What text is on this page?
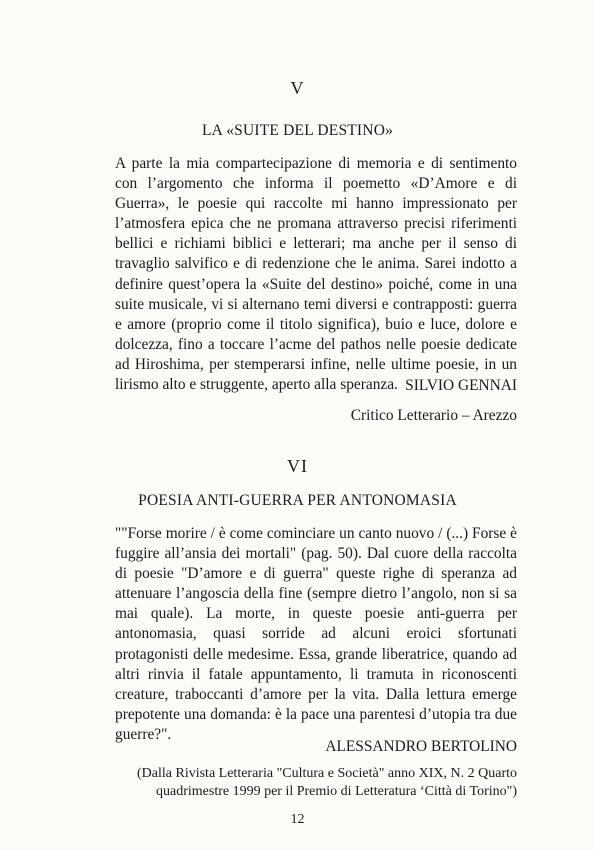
V
LA «SUITE DEL DESTINO»

A parte la mia compartecipazione di memoria e di sentimento con l’argomento che informa il poemetto «D’Amore e di Guerra», le poesie qui raccolte mi hanno impressionato per l’atmosfera epica che ne promana attraverso precisi riferimenti bellici e richiami biblici e letterari; ma anche per il senso di travaglio salvifico e di redenzione che le anima. Sarei indotto a definire quest’opera la «Suite del destino» poiché, come in una suite musicale, vi si alternano temi diversi e contrapposti: guerra e amore (proprio come il titolo significa), buio e luce, dolore e dolcezza, fino a toccare l’acme del pathos nelle poesie dedicate ad Hiroshima, per stemperarsi infine, nelle ultime poesie, in un lirismo alto e struggente, aperto alla speranza. SILVIO GENNAI
Critico Letterario – Arezzo
VI
POESIA ANTI-GUERRA PER ANTONOMASIA

""Forse morire / è come cominciare un canto nuovo / (...) Forse è fuggire all’ansia dei mortali" (pag. 50). Dal cuore della raccolta di poesie "D’amore e di guerra" queste righe di speranza ad attenuare l’angoscia della fine (sempre dietro l’angolo, non si sa mai quale). La morte, in queste poesie anti-guerra per antonomasia, quasi sorride ad alcuni eroici sfortunati protagonisti delle medesime. Essa, grande liberatrice, quando ad altri rinvia il fatale appuntamento, li tramuta in riconoscenti creature, traboccanti d’amore per la vita. Dalla lettura emerge prepotente una domanda: è la pace una parentesi d’utopia tra due guerre?".

ALESSANDRO BERTOLINO
(Dalla Rivista Letteraria "Cultura e Società" anno XIX, N. 2 Quarto
quadrimestre 1999 per il Premio di Letteratura ‘Città di Torino")
12
